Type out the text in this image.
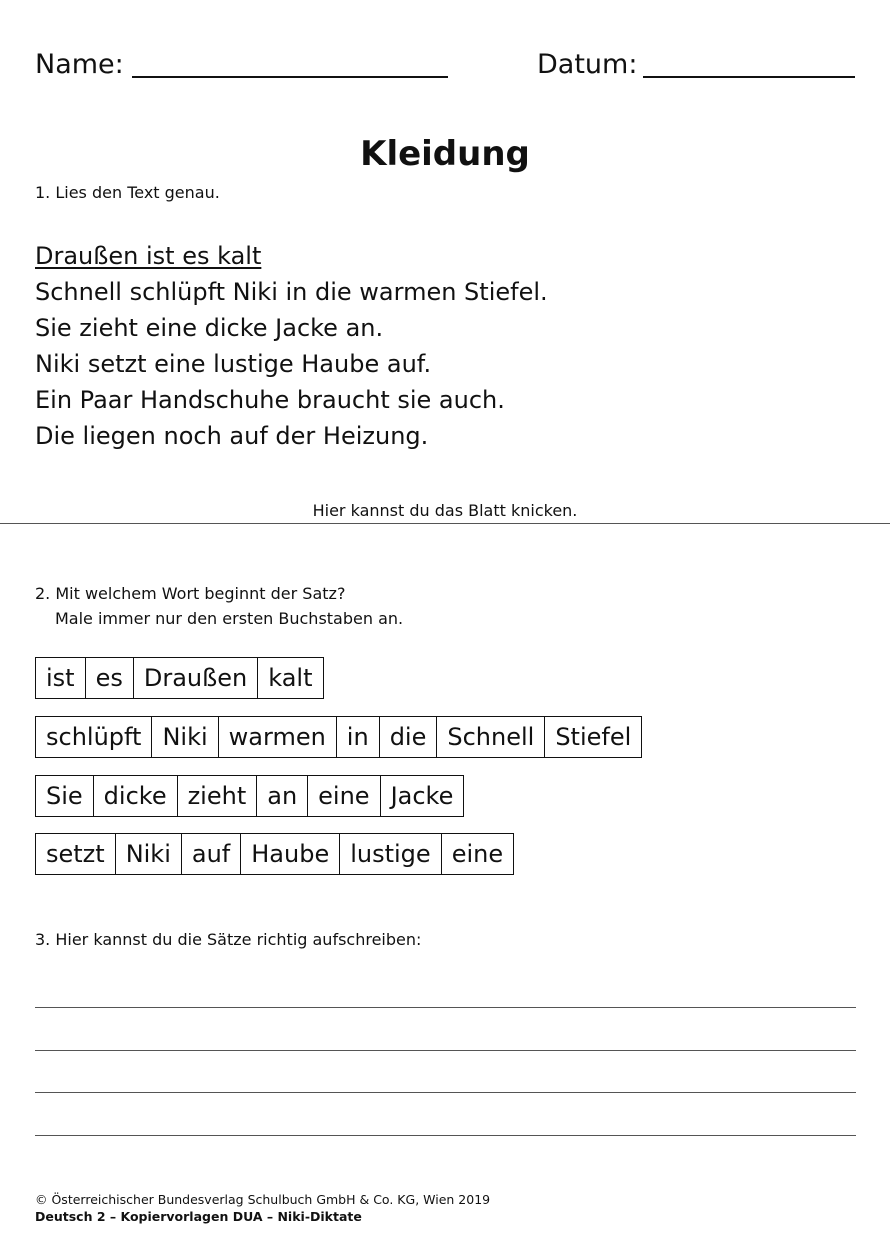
Name:	Datum:
Kleidung
1. Lies den Text genau.
Draußen ist es kalt
Schnell schlüpft Niki in die warmen Stiefel.
Sie zieht eine dicke Jacke an.
Niki setzt eine lustige Haube auf.
Ein Paar Handschuhe braucht sie auch.
Die liegen noch auf der Heizung.
Hier kannst du das Blatt knicken.
2. Mit welchem Wort beginnt der Satz?
Male immer nur den ersten Buchstaben an.
ist es Draußen kalt
schlüpft Niki warmen in die Schnell Stiefel
Sie dicke zieht an eine Jacke
setzt Niki auf Haube lustige eine
3. Hier kannst du die Sätze richtig aufschreiben:
© Österreichischer Bundesverlag Schulbuch GmbH & Co. KG, Wien 2019
Deutsch 2 – Kopiervorlagen DUA – Niki-Diktate
